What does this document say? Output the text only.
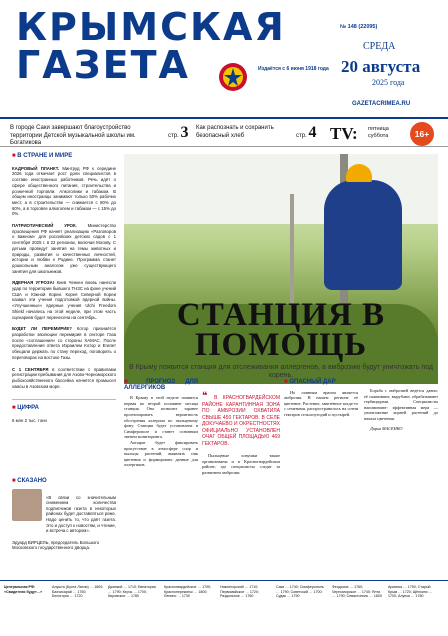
КРЫМСКАЯ
ГАЗЕТА	Издаётся с 6 июня 1918 года
№ 148 (22095)
СРЕДА
20 августа
2025 года
GAZETACRIMEA.RU
В городе Саки завершают благоустройство территории Детской музыкальной школы им. Богатикова
стр. 3 Как распознать и сохранить безопасный хлеб	стр. 4 TV: пятница суббота	16+
■ В СТРАНЕ И МИРЕ

КАДРОВЫЙ ПЛАНКТ. Минтруд РФ к середине 2026 года отмечает рост доли специалистов в составе иностранных работников. Речь идёт о сфере общественного питания, строительства и розничной торговли. Алкоголики и табаком. В общем иностранцы занимают только 50% рабочих мест, а в строительстве — снижается с 80% до 60%, а в торговле алкоголем и табаком — с 15% до 0%.

ПАТРИОТИЧЕСКИЙ УРОК.	Министерство просвещения РФ начнёт реализацию «Разговоров о важном» для российских детских садов с 1 сентября 2025 г. в 22 регионах, включая Москву. С детьми проведут занятия на темы животных и природы, развития и качественных личностей, истории и любви к Родине. Программа станет дошкольным аналогом уже существующего занятия для школьников.

ЯДЕРНАЯ УГРОЗА! Киев Ченкен вновь нанесли удар по территории бывшего ТНЗС на фоне учений США и Южной Кореи. Корея Северной Кореи назвал эти учения подготовкой ядерной войны. «Улучшенные» ядерные учения Ulchi Freedom Shield начались на этой неделе, при этом часть сценариев будет перенесена на сентябрь.

БУДЕТ ЛИ ПЕРЕМИРИЕ? Котор признаётся разработки эволюции перемирия в секторе Газа после «соглашения» со стороны ХАМАС. После предоставления ответа Израилем Котор и Египет обещали держать по стану переход, поговорить о переговорах на востоке Газы.

С 1 СЕНТЯБРЯ в соответствии с правилами регистрации пребывания для Азово-Черноморского рыбохозяйственного бассейна начнётся промысел хамсы в Азовском море.

■ ЦИФРА

6 млн 2 тыс. тонн

СТАНЦИЯ В ПОМОЩЬ
В Крыму появится станция для отслеживания аллергенов, а амброзию будут уничтожать под корень.
■ ПРОГНОЗ ДЛЯ АЛЛЕРГИКОВ

В Крыму в этой неделе появится первая во второй половине месяца станция. Она позволит заранее прогнозировать вероятность обострения аллергии по пыльцевому фону. Станция будет установлена в Симферополе и станет основным звеном мониторинга.

Аппарат будет фиксировать присутствие в атмосфере спор и пыльцы растений, выявлять пик цветения и формировать данные для аллергиков.

❝ В КРАСНОГВАРДЕЙСКОМ РАЙОНЕ КАРАНТИННАЯ ЗОНА ПО АМБРОЗИИ ОХВАТИЛА СВЫШЕ 450 ГЕКТАРОВ. В СЕЛЕ ДОКУЧАЕВО И ОКРЕСТНОСТЯХ ОФИЦИАЛЬНО УСТАНОВЛЕН ОЧАГ ОБЩЕЙ ПЛОЩАДЬЮ 469 ГЕКТАРОВ.

Пыльцевые ловушки также организованы и в Красногвардейском районе, где специалисты следят за развитием амброзии.

■ ОПАСНЫЙ ДАР

Но главным врагом является амброзия. В нашем регионе её цветение. Растение, завезённое когда-то с семенами, распространилось на сотни гектаров сельхозугодий и пустырей.

Борьба с амброзией ведётся давно: её скашивают, вырубают, обрабатывают гербицидами. Специалисты напоминают: эффективная мера — уничтожение корней растений до начала цветения.

Дарья МАСЕНКО

■ СКАЗАНО

«В связи со значительным снижением количества подписчиков газета в некоторых районах будет доставляться реже. Надо ценить то, что даёт газета. Это и доступ к новостям, и чтение, и встреча с автором».

Эдуард ВИРЦЕЛЬ, председатель Большого Московского государственного дворца.

Центральная РФ: «Свидетели будут…»
Алушта (Бухта Ласпи) … 1800; Бахчисарай … 1750; Белогорск … 1720
Джанкой … 1710; Евпатория … 1790; Керчь … 1700; Кировское … 1780
Красногвардейское … 1700; Красноперекопск … 1800; Ленино … 1730
Нижнегорский … 1710; Первомайское … 1720; Раздольное … 1760
Саки … 1740; Симферополь … 1790; Советский … 1700; Судак … 1790
Феодосия … 1760; Черноморское … 1740; Ялта … 1790; Севастополь … 1800
Армянск … 1750; Старый Крым … 1720; Щёлкино … 1700; Алупка … 1780
